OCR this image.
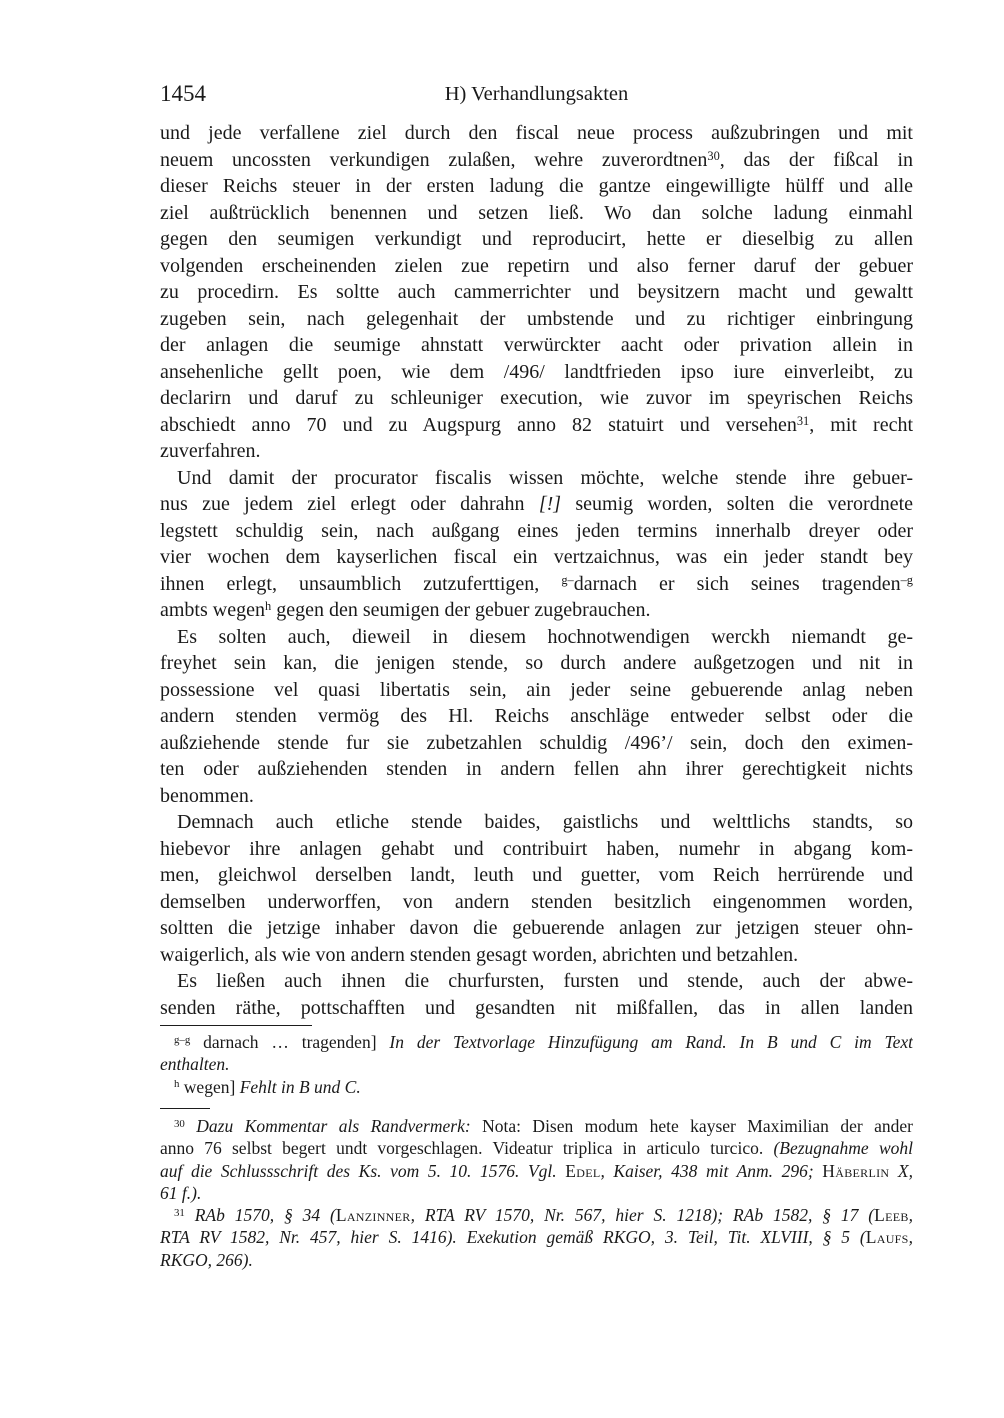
1454	H) Verhandlungsakten
und jede verfallene ziel durch den fiscal neue process außzubringen und mit
neuem uncossten verkundigen zulaßen, wehre zuverordtnen$^{30}$, das der fißcal in
dieser Reichs steuer in der ersten ladung die gantze eingewilligte hülff und alle
ziel außtrücklich benennen und setzen ließ. Wo dan solche ladung einmahl
gegen den seumigen verkundigt und reproducirt, hette er dieselbig zu allen
volgenden erscheinenden zielen zue repetirn und also ferner daruf der gebuer
zu procedirn. Es soltte auch cammerrichter und beysitzern macht und gewaltt
zugeben sein, nach gelegenhait der umbstende und zu richtiger einbringung
der anlagen die seumige ahnstatt verwürckter aacht oder privation allein in
ansehenliche gellt poen, wie dem /496/ landtfrieden ipso iure einverleibt, zu
declarirn und daruf zu schleuniger execution, wie zuvor im speyrischen Reichs
abschiedt anno 70 und zu Augspurg anno 82 statuirt und versehen$^{31}$, mit recht
zuverfahren.
Und damit der procurator fiscalis wissen möchte, welche stende ihre gebuer-
nus zue jedem ziel erlegt oder dahrahn [!] seumig worden, solten die verordnete
legstett schuldig sein, nach außgang eines jeden termins innerhalb dreyer oder
vier wochen dem kayserlichen fiscal ein vertzaichnus, was ein jeder standt bey
ihnen erlegt, unsaumblich zutzuferttigen, $^{g-}$darnach er sich seines tragenden$^{-g}$
ambts wegen$^h$ gegen den seumigen der gebuer zugebrauchen.
Es solten auch, dieweil in diesem hochnotwendigen werckh niemandt ge-
freyhet sein kan, die jenigen stende, so durch andere außgetzogen und nit in
possessione vel quasi libertatis sein, ain jeder seine gebuerende anlag neben
andern stenden vermög des Hl. Reichs anschläge entweder selbst oder die
außziehende stende fur sie zubetzahlen schuldig /496’/ sein, doch den eximen-
ten oder außziehenden stenden in andern fellen ahn ihrer gerechtigkeit nichts
benommen.
Demnach auch etliche stende baides, gaistlichs und welttlichs standts, so
hiebevor ihre anlagen gehabt und contribuirt haben, numehr in abgang kom-
men, gleichwol derselben landt, leuth und guetter, vom Reich herrürende und
demselben underworffen, von andern stenden besitzlich eingenommen worden,
soltten die jetzige inhaber davon die gebuerende anlagen zur jetzigen steuer ohn-
waigerlich, als wie von andern stenden gesagt worden, abrichten und betzahlen.
Es ließen auch ihnen die churfursten, fursten und stende, auch der abwe-
senden räthe, pottschafften und gesandten nit mißfallen, das in allen landen
$^{g-g}$ darnach … tragenden] In der Textvorlage Hinzufügung am Rand. In B und C im Text
enthalten.
$^h$ wegen] Fehlt in B und C.
$^{30}$ Dazu Kommentar als Randvermerk: Nota: Disen modum hete kayser Maximilian der ander
anno 76 selbst begert undt vorgeschlagen. Videatur triplica in articulo turcico. (Bezugnahme wohl
auf die Schlussschrift des Ks. vom 5. 10. 1576. Vgl. Edel, Kaiser, 438 mit Anm. 296; Häberlin X,
61 f.).
$^{31}$ RAb 1570, § 34 (Lanzinner, RTA RV 1570, Nr. 567, hier S. 1218); RAb 1582, § 17 (Leeb,
RTA RV 1582, Nr. 457, hier S. 1416). Exekution gemäß RKGO, 3. Teil, Tit. XLVIII, § 5 (Laufs,
RKGO, 266).
